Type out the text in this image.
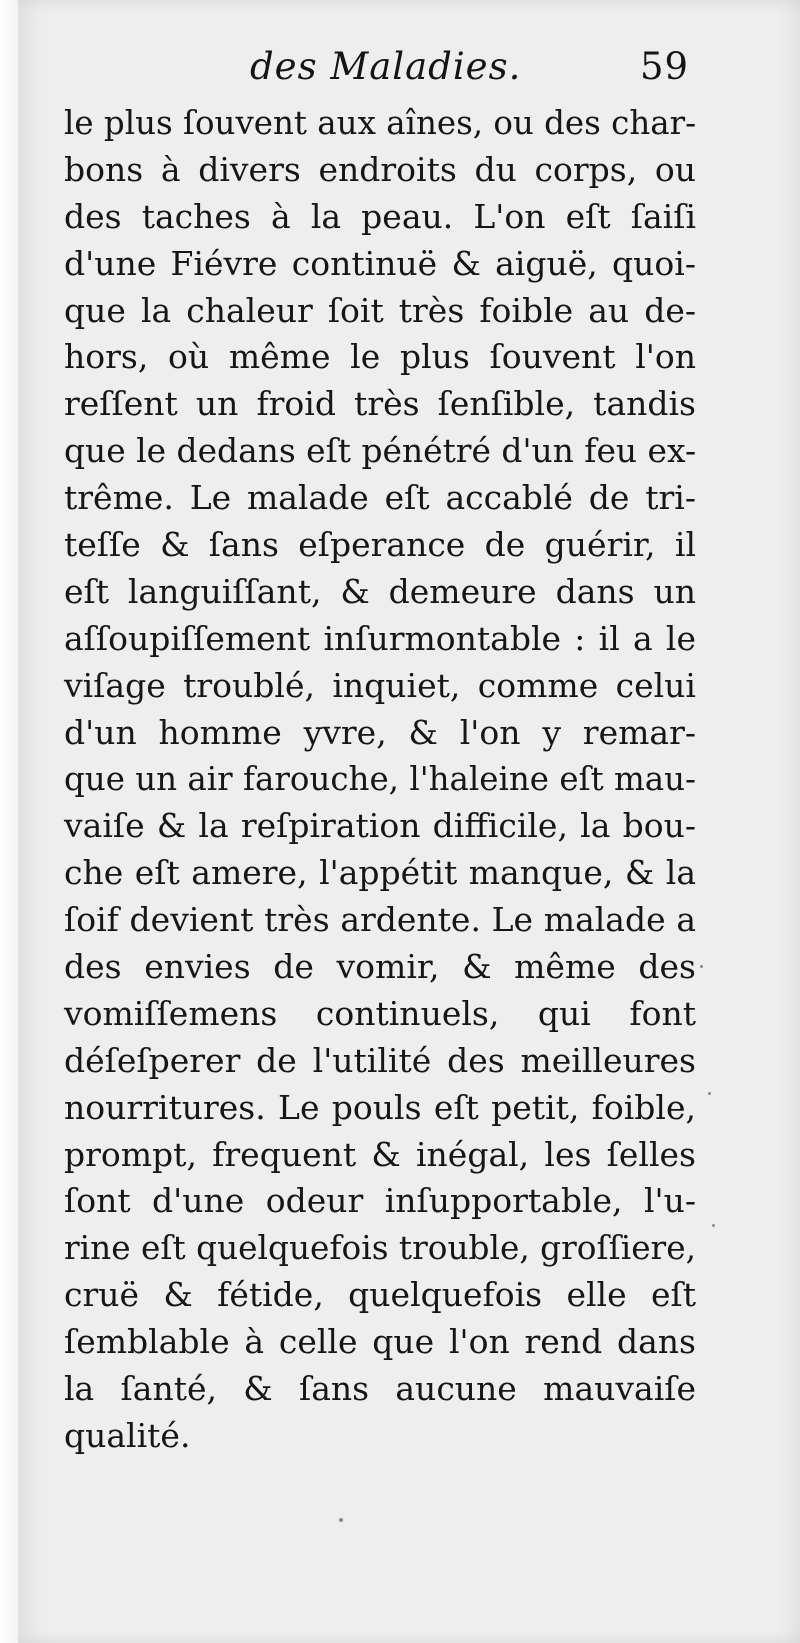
des Maladies.	59
le plus ſouvent aux aînes, ou des char-
bons à divers endroits du corps, ou
des taches à la peau. L'on eſt ſaiſi
d'une Fiévre continuë & aiguë, quoi-
que la chaleur ſoit très foible au de-
hors, où même le plus ſouvent l'on
reſſent un froid très ſenſible, tandis
que le dedans eſt pénétré d'un feu ex-
trême. Le malade eſt accablé de tri-
teſſe & ſans eſperance de guérir, il
eſt languiſſant, & demeure dans un
aſſoupiſſement inſurmontable : il a le
viſage troublé, inquiet, comme celui
d'un homme yvre, & l'on y remar-
que un air farouche, l'haleine eſt mau-
vaiſe & la reſpiration difficile, la bou-
che eſt amere, l'appétit manque, & la
ſoif devient très ardente. Le malade a
des envies de vomir, & même des
vomiſſemens continuels, qui font
déſeſperer de l'utilité des meilleures
nourritures. Le pouls eſt petit, foible,
prompt, frequent & inégal, les ſelles
ſont d'une odeur inſupportable, l'u-
rine eſt quelquefois trouble, groſſiere,
cruë & fétide, quelquefois elle eſt
ſemblable à celle que l'on rend dans
la ſanté, & ſans aucune mauvaiſe
qualité.
